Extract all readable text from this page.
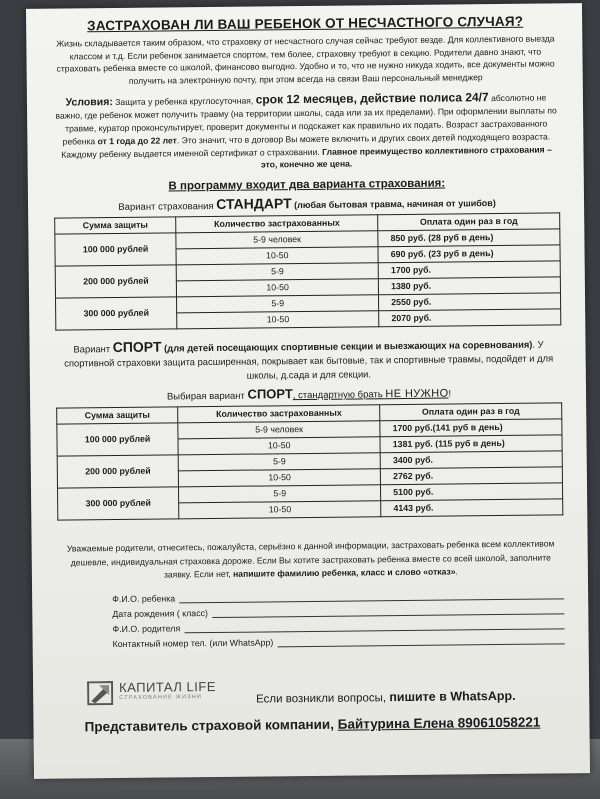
ЗАСТРАХОВАН ЛИ ВАШ РЕБЕНОК ОТ НЕСЧАСТНОГО СЛУЧАЯ?
Жизнь складывается таким образом, что страховку от несчастного случая сейчас требуют везде. Для коллективного выезда классом и т.д. Если ребенок занимается спортом, тем более, страховку требуют в секцию. Родители давно знают, что страховать ребенка вместе со школой, финансово выгодно. Удобно и то, что не нужно никуда ходить, все документы можно получить на электронную почту, при этом всегда на связи Ваш персональный менеджер
Условия: Защита у ребенка круглосуточная, срок 12 месяцев, действие полиса 24/7 абсолютно не важно, где ребенок может получить травму (на территории школы, сада или за их пределами). При оформлении выплаты по травме, куратор проконсультирует, проверит документы и подскажет как правильно их подать. Возраст застрахованного ребенка от 1 года до 22 лет. Это значит, что в договор Вы можете включить и других своих детей подходящего возраста. Каждому ребенку выдается именной сертификат о страховании. Главное преимущество коллективного страхования – это, конечно же цена.
В программу входит два варианта страхования:
Вариант страхования СТАНДАРТ (любая бытовая травма, начиная от ушибов)
Сумма защиты	Количество застрахованных	Оплата один раз в год
100 000 рублей	5-9 человек	850 руб. (28 руб в день)
	10-50	690 руб. (23 руб в день)
200 000 рублей	5-9	1700 руб.
	10-50	1380 руб.
300 000 рублей	5-9	2550 руб.
	10-50	2070 руб.
Вариант СПОРТ (для детей посещающих спортивные секции и выезжающих на соревнования). У спортивной страховки защита расширенная, покрывает как бытовые, так и спортивные травмы, подойдет и для школы, д.сада и для секции.
Выбирая вариант СПОРТ, стандартную брать НЕ НУЖНО!
Сумма защиты	Количество застрахованных	Оплата один раз в год
100 000 рублей	5-9 человек	1700 руб.(141 руб в день)
	10-50	1381 руб. (115 руб в день)
200 000 рублей	5-9	3400 руб.
	10-50	2762 руб.
300 000 рублей	5-9	5100 руб.
	10-50	4143 руб.
Уважаемые родители, отнеситесь, пожалуйста, серьёзно к данной информации, застраховать ребенка всем коллективом дешевле, индивидуальная страховка дороже. Если Вы хотите застраховать ребенка вместе со всей школой, заполните заявку. Если нет, напишите фамилию ребенка, класс и слово «отказ».
Ф.И.О. ребенка
Дата рождения ( класс)
Ф.И.О. родителя
Контактный номер тел. (или WhatsApp)
КАПИТАЛ LIFE
СТРАХОВАНИЕ ЖИЗНИ	Если возникли вопросы, пишите в WhatsApp.
Представитель страховой компании, Байтурина Елена 89061058221
